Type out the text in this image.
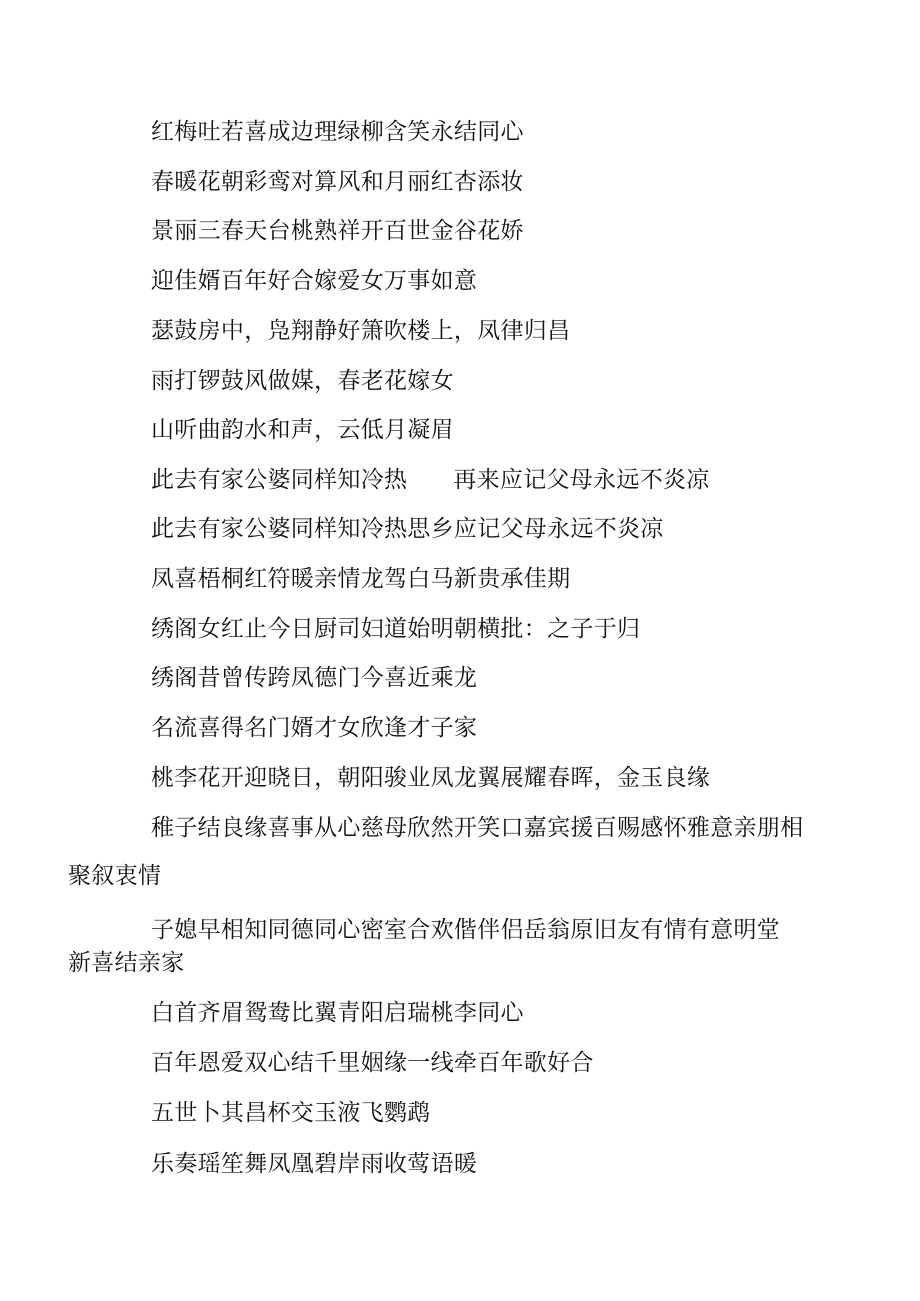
红梅吐若喜成边理绿柳含笑永结同心
春暖花朝彩鸾对算风和月丽红杏添妆
景丽三春天台桃熟祥开百世金谷花娇
迎佳婿百年好合嫁爱女万事如意
瑟鼓房中，凫翔静好箫吹楼上，凤律归昌
雨打锣鼓风做媒，春老花嫁女
山听曲韵水和声，云低月凝眉
此去有家公婆同样知冷热 再来应记父母永远不炎凉
此去有家公婆同样知冷热思乡应记父母永远不炎凉
凤喜梧桐红符暖亲情龙驾白马新贵承佳期
绣阁女红止今日厨司妇道始明朝横批：之子于归
绣阁昔曾传跨凤德门今喜近乘龙
名流喜得名门婿才女欣逢才子家
桃李花开迎晓日，朝阳骏业凤龙翼展耀春晖，金玉良缘
稚子结良缘喜事从心慈母欣然开笑口嘉宾援百赐感怀雅意亲朋相
聚叙衷情
子媳早相知同德同心密室合欢偕伴侣岳翁原旧友有情有意明堂
新喜结亲家
白首齐眉鸳鸯比翼青阳启瑞桃李同心
百年恩爱双心结千里姻缘一线牵百年歌好合
五世卜其昌杯交玉液飞鹦鹉
乐奏瑶笙舞凤凰碧岸雨收莺语暖
